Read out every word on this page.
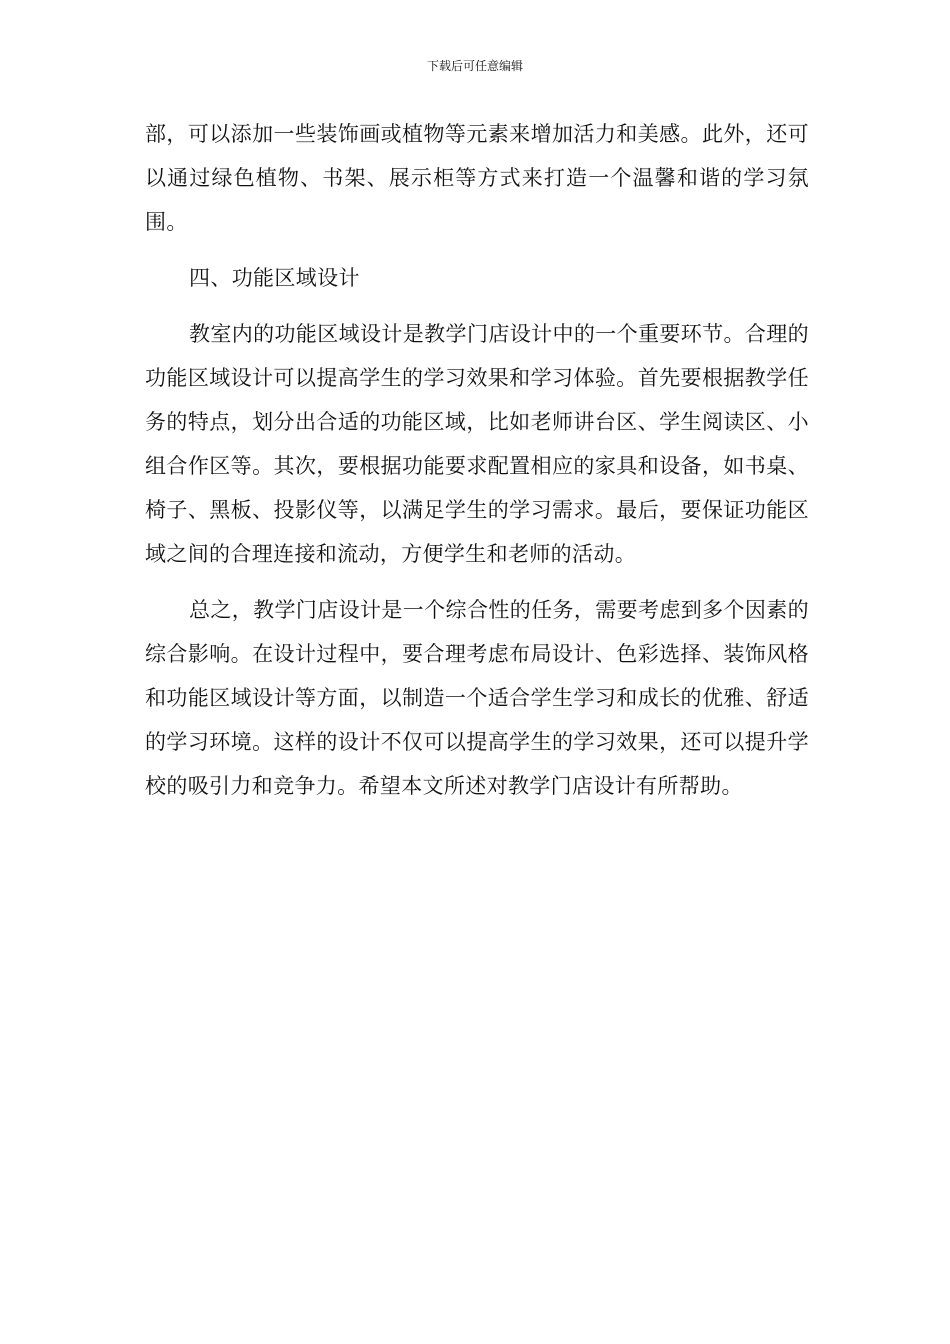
下载后可任意编辑

部，可以添加一些装饰画或植物等元素来增加活力和美感。此外，还可以通过绿色植物、书架、展示柜等方式来打造一个温馨和谐的学习氛围。

四、功能区域设计

教室内的功能区域设计是教学门店设计中的一个重要环节。合理的功能区域设计可以提高学生的学习效果和学习体验。首先要根据教学任务的特点，划分出合适的功能区域，比如老师讲台区、学生阅读区、小组合作区等。其次，要根据功能要求配置相应的家具和设备，如书桌、椅子、黑板、投影仪等，以满足学生的学习需求。最后，要保证功能区域之间的合理连接和流动，方便学生和老师的活动。

总之，教学门店设计是一个综合性的任务，需要考虑到多个因素的综合影响。在设计过程中，要合理考虑布局设计、色彩选择、装饰风格和功能区域设计等方面，以制造一个适合学生学习和成长的优雅、舒适的学习环境。这样的设计不仅可以提高学生的学习效果，还可以提升学校的吸引力和竞争力。希望本文所述对教学门店设计有所帮助。
